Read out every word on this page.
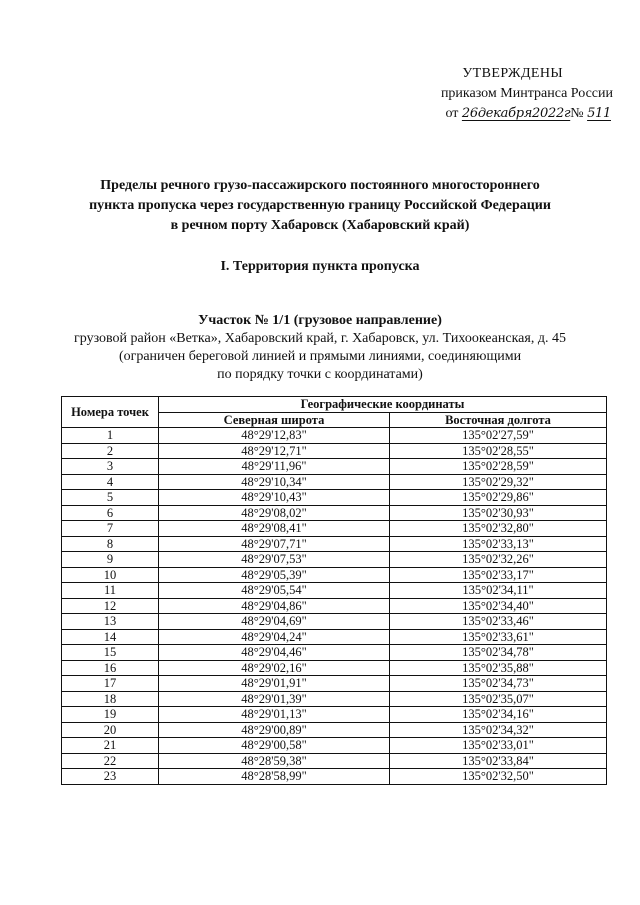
УТВЕРЖДЕНЫ
приказом Минтранса России
от 26декабря2022г№ 511
Пределы речного грузо-пассажирского постоянного многостороннего
пункта пропуска через государственную границу Российской Федерации
в речном порту Хабаровск (Хабаровский край)
I. Территория пункта пропуска
Участок № 1/1 (грузовое направление)
грузовой район «Ветка», Хабаровский край, г. Хабаровск, ул. Тихоокеанская, д. 45
(ограничен береговой линией и прямыми линиями, соединяющими
по порядку точки с координатами)
Номера точек	Географические координаты	
	Северная широта	Восточная долгота
1	48°29'12,83"	135°02'27,59"
2	48°29'12,71"	135°02'28,55"
3	48°29'11,96"	135°02'28,59"
4	48°29'10,34"	135°02'29,32"
5	48°29'10,43"	135°02'29,86"
6	48°29'08,02"	135°02'30,93"
7	48°29'08,41"	135°02'32,80"
8	48°29'07,71"	135°02'33,13"
9	48°29'07,53"	135°02'32,26"
10	48°29'05,39"	135°02'33,17"
11	48°29'05,54"	135°02'34,11"
12	48°29'04,86"	135°02'34,40"
13	48°29'04,69"	135°02'33,46"
14	48°29'04,24"	135°02'33,61"
15	48°29'04,46"	135°02'34,78"
16	48°29'02,16"	135°02'35,88"
17	48°29'01,91"	135°02'34,73"
18	48°29'01,39"	135°02'35,07"
19	48°29'01,13"	135°02'34,16"
20	48°29'00,89"	135°02'34,32"
21	48°29'00,58"	135°02'33,01"
22	48°28'59,38"	135°02'33,84"
23	48°28'58,99"	135°02'32,50"
